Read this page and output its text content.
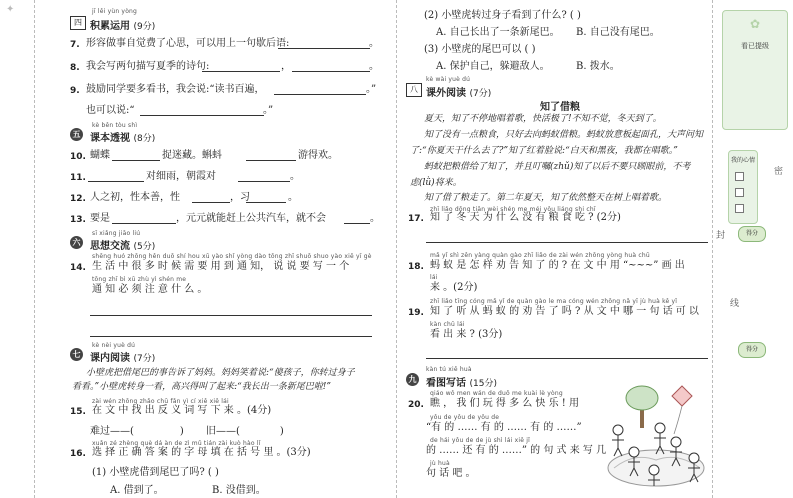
✦	jī lěi yùn yòng
四 积累运用 (9分)
7. 形容做事自觉费了心思，可以用上一句歇后语:	。
8. 我会写两句描写夏季的诗句:	，	。
9. 鼓励同学要多看书，我会说:“读书百遍，	。”
也可以说:“	。”
kè běn tòu shì
五 课本透视 (8分)
10. 蝴蝶	捉迷藏。蝌蚪	游得欢。
11.	对细雨，朝霞对	。
12. 人之初，性本善，性	，习	。
13. 要是	，元元就能赶上公共汽车，就不会	。
sī xiǎng jiāo liú
六 思想交流 (5分)
shēng huó zhōng hěn duō shí hou xū yào shǐ yòng dào tōng zhī shuō shuo yào xiě yī gè
14. 生 活 中 很 多 时 候 需 要 用 到 通 知， 说 说 要 写 一 个
tōng zhī bì xū zhù yì shén me
通 知 必 须 注 意 什 么 。
kè nèi yuè dú
七 课内阅读 (7分)
小壁虎把借尾巴的事告诉了妈妈。妈妈笑着说:“傻孩子，你转过身子
看看。”小壁虎转身一看，高兴得叫了起来:“我长出一条新尾巴啦!”
zài wén zhōng zhǎo chū fǎn yì cí xiě xiě lái
15. 在 文 中 找 出 反 义 词 写 下 来 。(4分)
难过——(	) 旧——(	)
xuǎn zé zhèng què dá àn de zì mǔ tián zài kuò hào lǐ
16. 选 择 正 确 答 案 的 字 母 填 在 括 号 里 。(3分)
(1) 小壁虎借到尾巴了吗? ( )
A. 借到了。	B. 没借到。
(2) 小壁虎转过身子看到了什么? ( )
A. 自己长出了一条新尾巴。 B. 自己没有尾巴。
(3) 小壁虎的尾巴可以 ( )
A. 保护自己，躲避敌人。	B. 拨水。
kè wài yuè dú
八 课外阅读 (7分)
知了借粮
夏天，知了不停地唱着歌，快活极了!不知不觉，冬天到了。
知了没有一点粮食，只好去向蚂蚁借粮。蚂蚁放意板起面孔，大声问知
了:“你夏天干什么去了?”知了红着脸说:“白天和黑夜，我都在唱歌。”
蚂蚁把粮借给了知了，并且叮嘱(zhǔ)知了以后不要只顾眼前，不考
虑(lǜ)将来。
知了借了粮走了。第二年夏天，知了依然整天在树上唱着歌。
zhī liǎo dōng tiān wèi shén me méi yǒu liáng shi chī
17. 知 了 冬 天 为 什 么 没 有 粮 食 吃 ? (2分)
mǎ yǐ shì zěn yàng quàn gào zhī liǎo de zài wén zhōng yòng huà chū
18. 蚂 蚁 是 怎 样 劝 告 知 了 的 ? 在 文 中 用 “~~~” 画 出
lái
来 。(2分)
zhī liǎo tīng cóng mǎ yǐ de quàn gào le ma cóng wén zhōng nǎ yī jù huà kě yǐ
19. 知 了 听 从 蚂 蚁 的 劝 告 了 吗 ? 从 文 中 哪 一 句 话 可 以
kàn chū lái
看 出 来 ? (3分)
kàn tú xiě huà
九 看图写话 (15分)
qiáo wǒ men wán de duō me kuài lè yòng
20. 瞧 ， 我 们 玩 得 多 么 快 乐 ! 用
yǒu de yǒu de yǒu de
“有 的 …… 有 的 …… 有 的 ……”
de hái yǒu de de jù shì lái xiě jǐ
的 …… 还 有 的 ……” 的 句 式 来 写 几
jù huà
句 话 吧 。
✿
看已提级
我的心情
密
封
线
得分
得分
